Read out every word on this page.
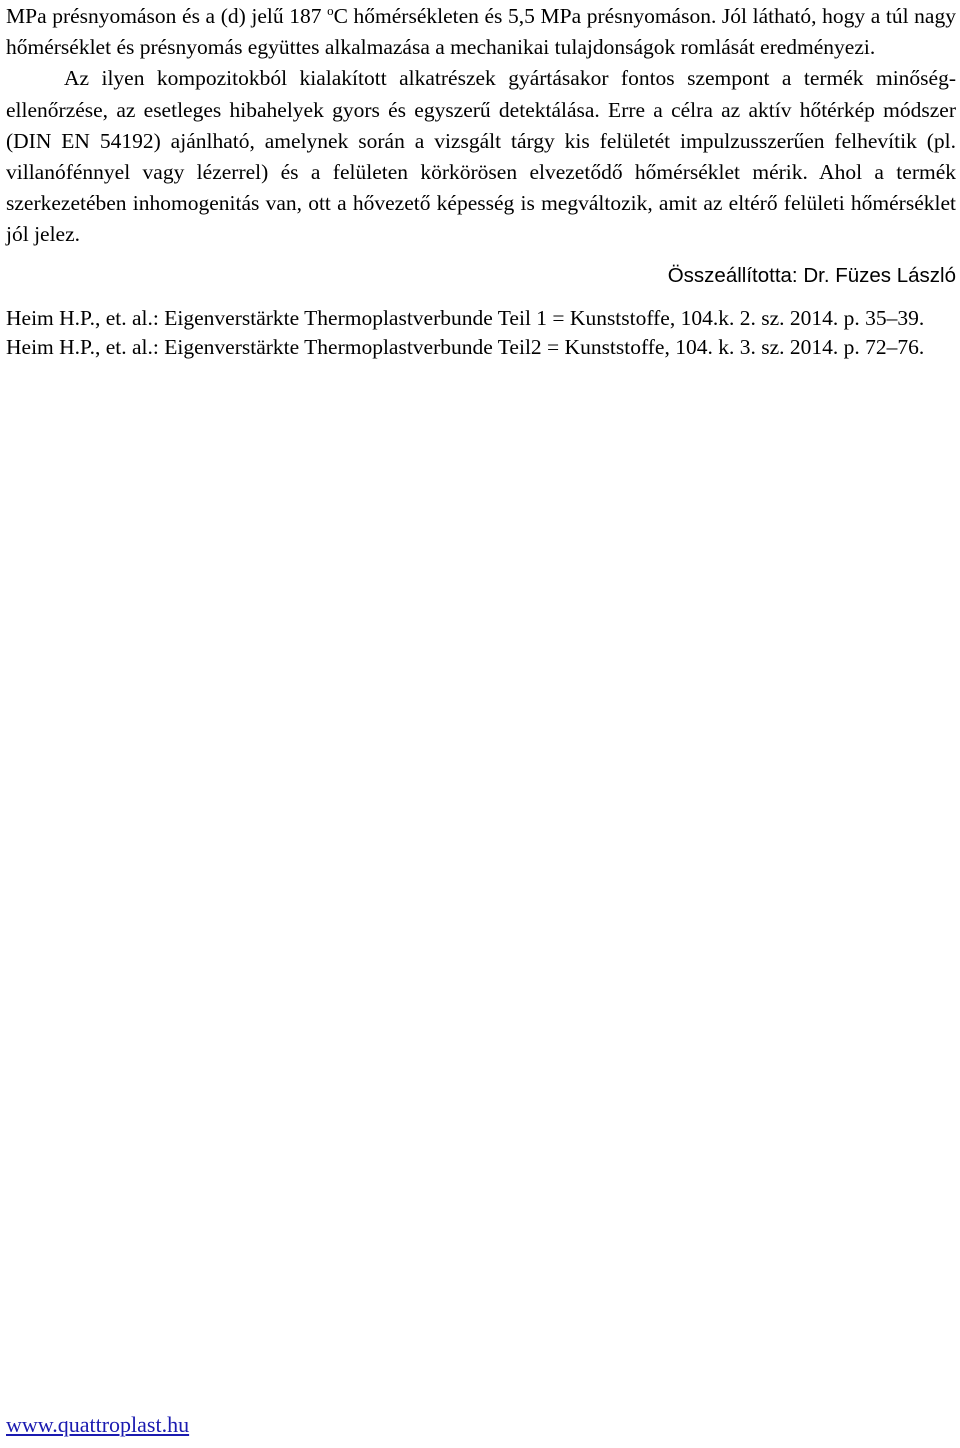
MPa présnyomáson és a (d) jelű 187 $^o$C hőmérsékleten és 5,5 MPa présnyomáson. Jól látható, hogy a túl nagy hőmérséklet és présnyomás együttes alkalmazása a mechanikai tulajdonságok romlását eredményezi.

Az ilyen kompozitokból kialakított alkatrészek gyártásakor fontos szempont a termék minőség-ellenőrzése, az esetleges hibahelyek gyors és egyszerű detektálása. Erre a célra az aktív hőtérkép módszer (DIN EN 54192) ajánlható, amelynek során a vizsgált tárgy kis felületét impulzusszerűen felhevítik (pl. villanófénnyel vagy lézerrel) és a felületen körkörösen elvezetődő hőmérséklet mérik. Ahol a termék szerkezetében inhomogenitás van, ott a hővezető képesség is megváltozik, amit az eltérő felületi hőmérséklet jól jelez.

Összeállította: Dr. Füzes László

Heim H.P., et. al.: Eigenverstärkte Thermoplastverbunde Teil 1 = Kunststoffe, 104.k. 2. sz. 2014. p. 35–39.

Heim H.P., et. al.: Eigenverstärkte Thermoplastverbunde Teil2 = Kunststoffe, 104. k. 3. sz. 2014. p. 72–76.

www.quattroplast.hu
